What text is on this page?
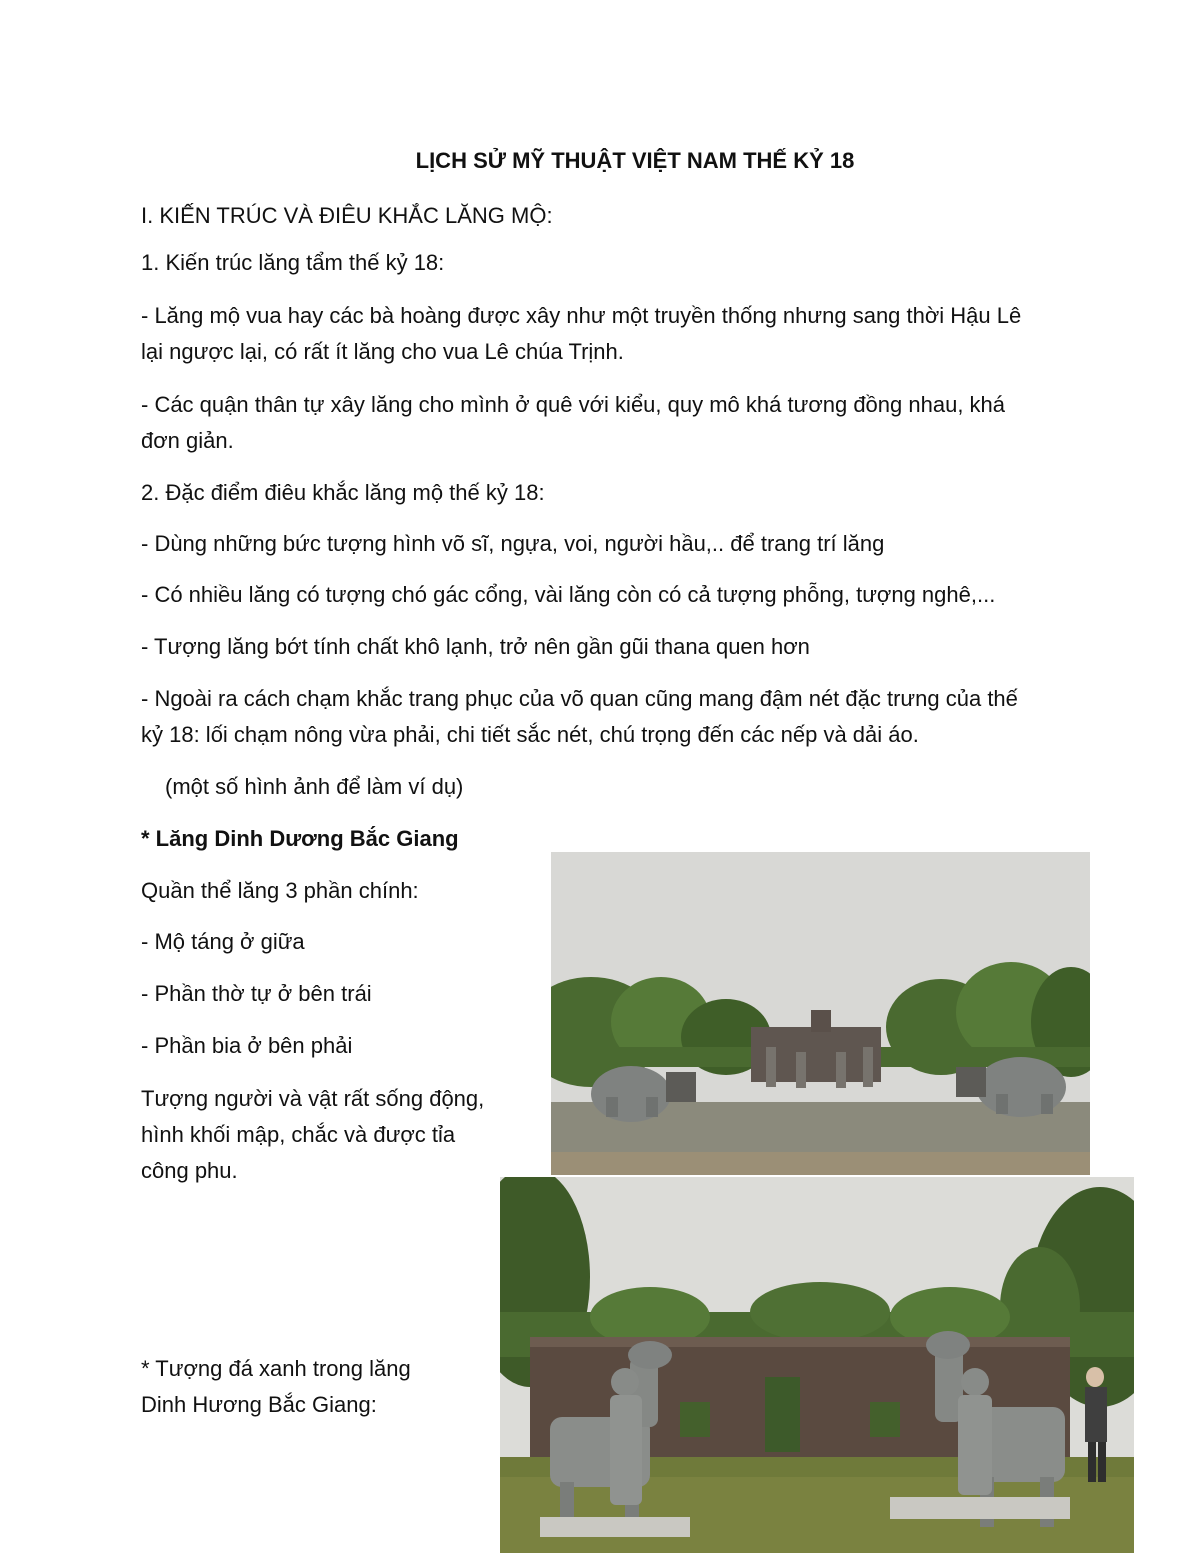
LỊCH SỬ MỸ THUẬT VIỆT NAM THẾ KỶ 18

I. KIẾN TRÚC VÀ ĐIÊU KHẮC LĂNG MỘ:

1. Kiến trúc lăng tẩm thế kỷ 18:

- Lăng mộ vua hay các bà hoàng được xây như một truyền thống nhưng sang thời Hậu Lê

lại ngược lại, có rất ít lăng cho vua Lê chúa Trịnh.

- Các quận thân tự xây lăng cho mình ở quê với kiểu, quy mô khá tương đồng nhau, khá

đơn giản.

2. Đặc điểm điêu khắc lăng mộ thế kỷ 18:

- Dùng những bức tượng hình võ sĩ, ngựa, voi, người hầu,.. để trang trí lăng

- Có nhiều lăng có tượng chó gác cổng, vài lăng còn có cả tượng phỗng, tượng nghê,...

- Tượng lăng bớt tính chất khô lạnh, trở nên gần gũi thana quen hơn

- Ngoài ra cách chạm khắc trang phục của võ quan cũng mang đậm nét đặc trưng của thế

kỷ 18: lối chạm nông vừa phải, chi tiết sắc nét, chú trọng đến các nếp và dải áo.

(một số hình ảnh để làm ví dụ)

* Lăng Dinh Dương Bắc Giang

Quần thể lăng 3 phần chính:

- Mộ táng ở giữa

- Phần thờ tự ở bên trái

- Phần bia ở bên phải

Tượng người và vật rất sống động,

hình khối mập, chắc và được tỉa

công phu.

* Tượng đá xanh trong lăng

Dinh Hương Bắc Giang:
